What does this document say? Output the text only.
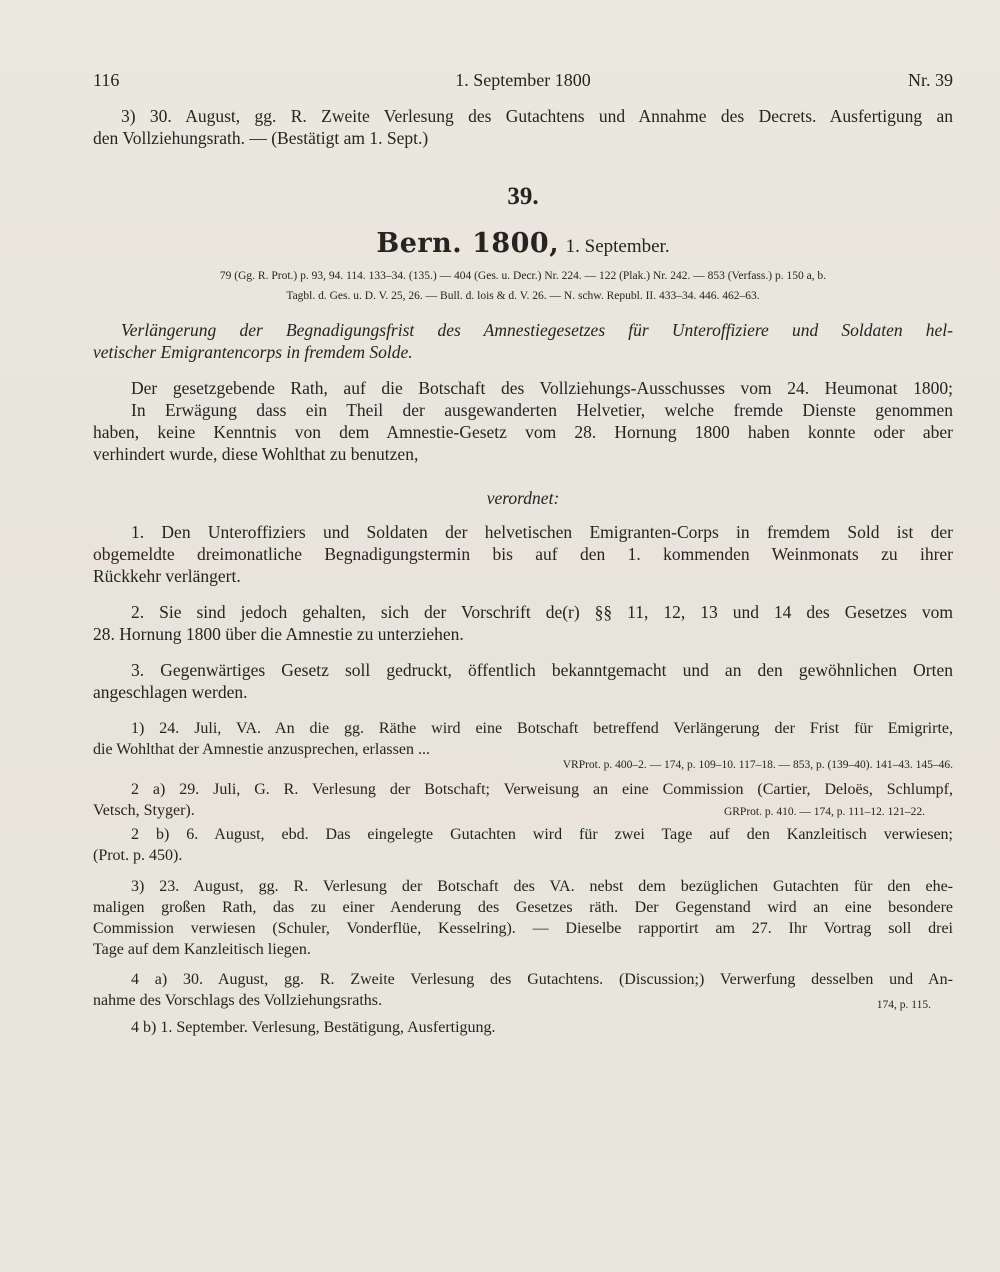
116	1. September 1800	Nr. 39
3) 30. August, gg. R. Zweite Verlesung des Gutachtens und Annahme des Decrets. Ausfertigung an
den Vollziehungsrath. — (Bestätigt am 1. Sept.)
39.
Bern. 1800, 1. September.
79 (Gg. R. Prot.) p. 93, 94. 114. 133–34. (135.) — 404 (Ges. u. Decr.) Nr. 224. — 122 (Plak.) Nr. 242. — 853 (Verfass.) p. 150 a, b.
Tagbl. d. Ges. u. D. V. 25, 26. — Bull. d. lois & d. V. 26. — N. schw. Republ. II. 433–34. 446. 462–63.
Verlängerung der Begnadigungsfrist des Amnestiegesetzes für Unteroffiziere und Soldaten hel-
vetischer Emigrantencorps in fremdem Solde.
Der gesetzgebende Rath, auf die Botschaft des Vollziehungs-Ausschusses vom 24. Heumonat 1800;
In Erwägung dass ein Theil der ausgewanderten Helvetier, welche fremde Dienste genommen
haben, keine Kenntnis von dem Amnestie-Gesetz vom 28. Hornung 1800 haben konnte oder aber
verhindert wurde, diese Wohlthat zu benutzen,
verordnet:
1. Den Unteroffiziers und Soldaten der helvetischen Emigranten-Corps in fremdem Sold ist der
obgemeldte dreimonatliche Begnadigungstermin bis auf den 1. kommenden Weinmonats zu ihrer
Rückkehr verlängert.
2. Sie sind jedoch gehalten, sich der Vorschrift de(r) §§ 11, 12, 13 und 14 des Gesetzes vom
28. Hornung 1800 über die Amnestie zu unterziehen.
3. Gegenwärtiges Gesetz soll gedruckt, öffentlich bekanntgemacht und an den gewöhnlichen Orten
angeschlagen werden.
1) 24. Juli, VA. An die gg. Räthe wird eine Botschaft betreffend Verlängerung der Frist für Emigrirte,
die Wohlthat der Amnestie anzusprechen, erlassen ...
VRProt. p. 400–2. — 174, p. 109–10. 117–18. — 853, p. (139–40). 141–43. 145–46.
2 a) 29. Juli, G. R. Verlesung der Botschaft; Verweisung an eine Commission (Cartier, Deloës, Schlumpf,
Vetsch, Styger).	GRProt. p. 410. — 174, p. 111–12. 121–22.
2 b) 6. August, ebd. Das eingelegte Gutachten wird für zwei Tage auf den Kanzleitisch verwiesen;
(Prot. p. 450).
3) 23. August, gg. R. Verlesung der Botschaft des VA. nebst dem bezüglichen Gutachten für den ehe-
maligen großen Rath, das zu einer Aenderung des Gesetzes räth. Der Gegenstand wird an eine besondere
Commission verwiesen (Schuler, Vonderflüe, Kesselring). — Dieselbe rapportirt am 27. Ihr Vortrag soll drei
Tage auf dem Kanzleitisch liegen.
4 a) 30. August, gg. R. Zweite Verlesung des Gutachtens. (Discussion;) Verwerfung desselben und An-
nahme des Vorschlags des Vollziehungsraths.	174, p. 115.
4 b) 1. September. Verlesung, Bestätigung, Ausfertigung.
